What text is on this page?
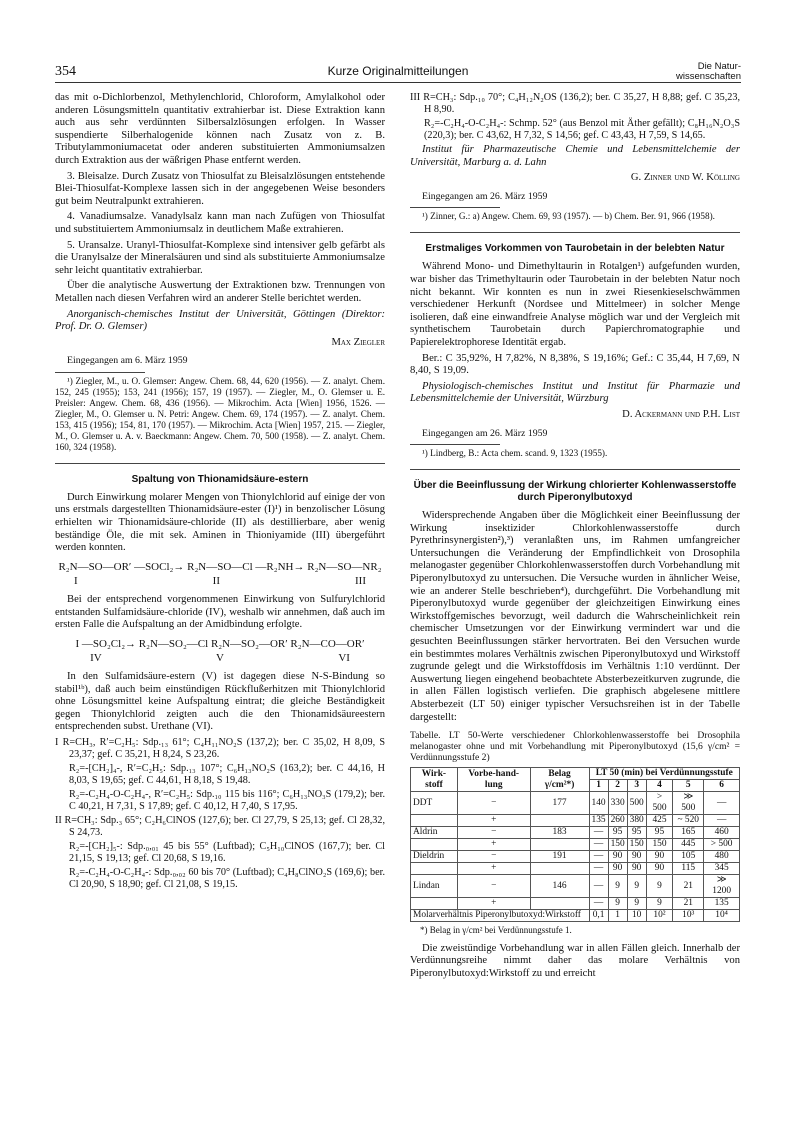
354	Kurze Originalmitteilungen	Die Natur-
wissenschaften

das mit o-Dichlorbenzol, Methylenchlorid, Chloroform, Amylalkohol oder anderen Lösungsmitteln quantitativ extrahierbar ist. Diese Extraktion kann auch aus sehr verdünnten Silbersalzlösungen erfolgen. In Wasser suspendierte Silberhalogenide können nach Zusatz von z. B. Tributylammoniumacetat oder anderen substituierten Ammoniumsalzen durch Extraktion aus der wäßrigen Phase entfernt werden.

3. Bleisalze. Durch Zusatz von Thiosulfat zu Bleisalzlösungen entstehende Blei-Thiosulfat-Komplexe lassen sich in der angegebenen Weise besonders gut beim Neutralpunkt extrahieren.

4. Vanadiumsalze. Vanadylsalz kann man nach Zufügen von Thiosulfat und substituiertem Ammoniumsalz in deutlichem Maße extrahieren.

5. Uransalze. Uranyl-Thiosulfat-Komplexe sind intensiver gelb gefärbt als die Uranylsalze der Mineralsäuren und sind als substituierte Ammoniumsalze sehr leicht quantitativ extrahierbar.

Über die analytische Auswertung der Extraktionen bzw. Trennungen von Metallen nach diesen Verfahren wird an anderer Stelle berichtet werden.

Anorganisch-chemisches Institut der Universität, Göttingen (Direktor: Prof. Dr. O. Glemser)

Max Ziegler

Eingegangen am 6. März 1959

¹) Ziegler, M., u. O. Glemser: Angew. Chem. 68, 44, 620 (1956). — Z. analyt. Chem. 152, 245 (1955); 153, 241 (1956); 157, 19 (1957). — Ziegler, M., O. Glemser u. E. Preisler: Angew. Chem. 68, 436 (1956). — Mikrochim. Acta [Wien] 1956, 1526. — Ziegler, M., O. Glemser u. N. Petri: Angew. Chem. 69, 174 (1957). — Z. analyt. Chem. 153, 415 (1956); 154, 81, 170 (1957). — Mikrochim. Acta [Wien] 1957, 215. — Ziegler, M., O. Glemser u. A. v. Baeckmann: Angew. Chem. 70, 500 (1958). — Z. analyt. Chem. 160, 324 (1958).

Spaltung von Thionamidsäure-estern

Durch Einwirkung molarer Mengen von Thionylchlorid auf einige der von uns erstmals dargestellten Thionamidsäure-ester (I)¹) in benzolischer Lösung erhielten wir Thionamidsäure-chloride (II) als destillierbare, aber wenig beständige Öle, die mit sek. Aminen in Thioniyamide (III) übergeführt werden konnten.

R₂N—SO—OR′ ―SOCl₂→ R₂N—SO—Cl ―R₂NH→ R₂N—SO—NR₂
I                    II                    III

Bei der entsprechend vorgenommenen Einwirkung von Sulfurylchlorid entstanden Sulfamidsäure-chloride (IV), weshalb wir annehmen, daß auch im ersten Falle die Aufspaltung an der Amidbindung erfolgte.

I ―SO₂Cl₂→ R₂N—SO₂—Cl R₂N—SO₂—OR′ R₂N—CO—OR′
IV                 V                 VI

In den Sulfamidsäure-estern (V) ist dagegen diese N-S-Bindung so stabil¹ᵇ), daß auch beim einstündigen Rückflußerhitzen mit Thionylchlorid ohne Lösungsmittel keine Aufspaltung eintrat; die gleiche Beständigkeit gegen Thionylchlorid zeigten auch die den Thionamidsäureestern entsprechenden subst. Urethane (VI).

I R=CH₃, R′=C₂H₅: Sdp.₁₃ 61°; C₄H₁₁NO₂S (137,2); ber. C 35,02, H 8,09, S 23,37; gef. C 35,21, H 8,24, S 23,26.

R₂=-[CH₂]₄-, R′=C₂H₅: Sdp.₁₃ 107°; C₆H₁₃NO₂S (163,2); ber. C 44,16, H 8,03, S 19,65; gef. C 44,61, H 8,18, S 19,48.

R₂=-C₂H₄-O-C₂H₄-, R′=C₂H₅: Sdp.₁₀ 115 bis 116°; C₆H₁₃NO₃S (179,2); ber. C 40,21, H 7,31, S 17,89; gef. C 40,12, H 7,40, S 17,95.

II R=CH₃: Sdp.₃ 65°; C₂H₆ClNOS (127,6); ber. Cl 27,79, S 25,13; gef. Cl 28,32, S 24,73.

R₂=-[CH₂]₅-: Sdp.₀,₀₁ 45 bis 55° (Luftbad); C₅H₁₀ClNOS (167,7); ber. Cl 21,15, S 19,13; gef. Cl 20,68, S 19,16.

R₂=-C₂H₄-O-C₂H₄-: Sdp.₀,₀₂ 60 bis 70° (Luftbad); C₄H₈ClNO₂S (169,6); ber. Cl 20,90, S 18,90; gef. Cl 21,08, S 19,15.

III R=CH₃: Sdp.₁₀ 70°; C₄H₁₂N₂OS (136,2); ber. C 35,27, H 8,88; gef. C 35,23, H 8,90.

R₂=-C₂H₄-O-C₂H₄-: Schmp. 52° (aus Benzol mit Äther gefällt); C₈H₁₆N₂O₃S (220,3); ber. C 43,62, H 7,32, S 14,56; gef. C 43,43, H 7,59, S 14,65.

Institut für Pharmazeutische Chemie und Lebensmittelchemie der Universität, Marburg a. d. Lahn

G. Zinner und W. Kölling

Eingegangen am 26. März 1959

¹) Zinner, G.: a) Angew. Chem. 69, 93 (1957). — b) Chem. Ber. 91, 966 (1958).

Erstmaliges Vorkommen von Taurobetain in der belebten Natur

Während Mono- und Dimethyltaurin in Rotalgen¹) aufgefunden wurden, war bisher das Trimethyltaurin oder Taurobetain in der belebten Natur noch nicht bekannt. Wir konnten es nun in zwei Riesenkieselschwämmen verschiedener Herkunft (Nordsee und Mittelmeer) in solcher Menge isolieren, daß eine einwandfreie Analyse möglich war und der Vergleich mit synthetischem Taurobetain durch Papierchromatographie und Papierelektrophorese Identität ergab.

Ber.: C 35,92%, H 7,82%, N 8,38%, S 19,16%; Gef.: C 35,44, H 7,69, N 8,40, S 19,09.

Physiologisch-chemisches Institut und Institut für Pharmazie und Lebensmittelchemie der Universität, Würzburg

D. Ackermann und P.H. List

Eingegangen am 26. März 1959

¹) Lindberg, B.: Acta chem. scand. 9, 1323 (1955).

Über die Beeinflussung der Wirkung chlorierter Kohlenwasserstoffe durch Piperonylbutoxyd

Widersprechende Angaben über die Möglichkeit einer Beeinflussung der Wirkung insektizider Chlorkohlenwasserstoffe durch Pyrethrinsynergisten²),³) veranlaßten uns, im Rahmen umfangreicher Untersuchungen die Veränderung der Empfindlichkeit von Drosophila melanogaster gegenüber Chlorkohlenwasserstoffen durch Vorbehandlung mit Piperonylbutoxyd zu untersuchen. Die Versuche wurden in ähnlicher Weise, wie an anderer Stelle beschrieben⁴), durchgeführt. Die Vorbehandlung mit Piperonylbutoxyd wurde gegenüber der gleichzeitigen Einwirkung eines Wirkstoffgemisches bevorzugt, weil dadurch die Wahrscheinlichkeit rein chemischer Umsetzungen vor der Einwirkung vermindert war und die gesuchten Beeinflussungen stärker hervortraten. Bei den Versuchen wurde ein bestimmtes molares Verhältnis zwischen Piperonylbutoxyd und Wirkstoff zugrunde gelegt und die Wirkstoffdosis im Verhältnis 1:10 verdünnt. Der Auswertung liegen eingehend beobachtete Absterbezeitkurven zugrunde, die in allen Fällen logistisch verliefen. Die graphisch abgelesene mittlere Absterbezeit (LT 50) einiger typischer Versuchsreihen ist in der Tabelle dargestellt:

Tabelle. LT 50-Werte verschiedener Chlorkohlenwasserstoffe bei Drosophila melanogaster ohne und mit Vorbehandlung mit Piperonylbutoxyd (15,6 γ/cm² = Verdünnungsstufe 2)

Wirk-stoff	Vorbe-hand-lung	Belag γ/cm²*)	LT 50 (min) bei Verdünnungsstufe					
			1	2	3	4	5	6
DDT	−	177	140	330	500	> 500	≫ 500	—
	+		135	260	380	425	~ 520	—
Aldrin	−	183	—	95	95	95	165	460
	+		—	150	150	150	445	> 500
Dieldrin	−	191	—	90	90	90	105	480
	+		—	90	90	90	115	345
Lindan	−	146	—	9	9	9	21	≫ 1200
	+		—	9	9	9	21	135
Molarverhältnis Piperonylbutoxyd:Wirkstoff			0,1	1	10	10²	10³	10⁴

*) Belag in γ/cm² bei Verdünnungsstufe 1.

Die zweistündige Vorbehandlung war in allen Fällen gleich. Innerhalb der Verdünnungsreihe nimmt daher das molare Verhältnis von Piperonylbutoxyd:Wirkstoff zu und erreicht
